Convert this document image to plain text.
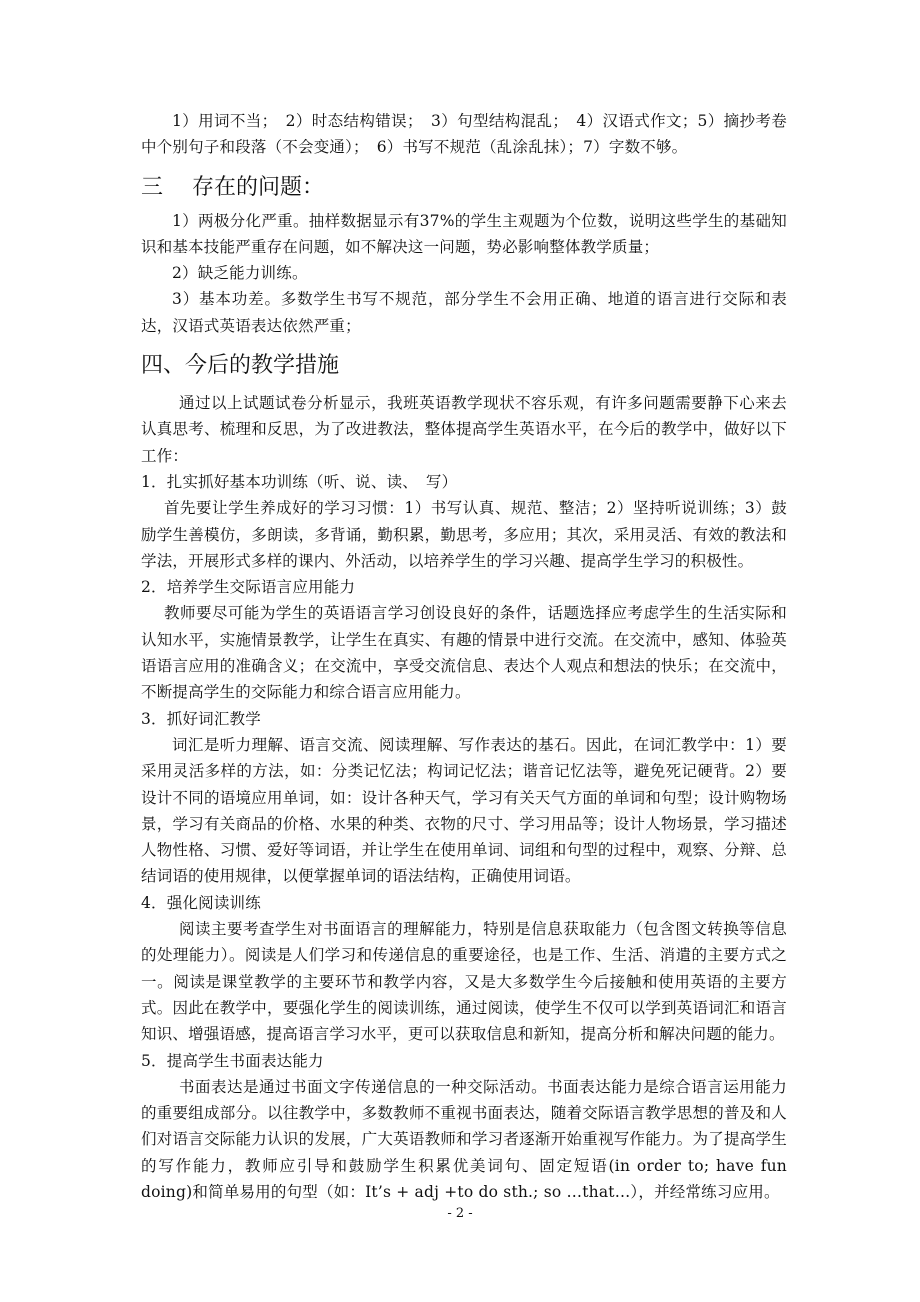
1）用词不当；　2）时态结构错误；　3）句型结构混乱；　4）汉语式作文；5）摘抄考卷中个别句子和段落（不会变通）；　6）书写不规范（乱涂乱抹）；7）字数不够。

三　 存在的问题：

1）两极分化严重。抽样数据显示有37%的学生主观题为个位数，说明这些学生的基础知识和基本技能严重存在问题，如不解决这一问题，势必影响整体教学质量；

2）缺乏能力训练。

3）基本功差。多数学生书写不规范，部分学生不会用正确、地道的语言进行交际和表达，汉语式英语表达依然严重；

四、今后的教学措施

通过以上试题试卷分析显示，我班英语教学现状不容乐观，有许多问题需要静下心来去认真思考、梳理和反思，为了改进教法，整体提高学生英语水平，在今后的教学中，做好以下工作：

1．扎实抓好基本功训练（听、说、读、　写）

首先要让学生养成好的学习习惯：1）书写认真、规范、整洁；2）坚持听说训练；3）鼓励学生善模仿，多朗读，多背诵，勤积累，勤思考，多应用；其次，采用灵活、有效的教法和学法，开展形式多样的课内、外活动，以培养学生的学习兴趣、提高学生学习的积极性。

2．培养学生交际语言应用能力

教师要尽可能为学生的英语语言学习创设良好的条件，话题选择应考虑学生的生活实际和认知水平，实施情景教学，让学生在真实、有趣的情景中进行交流。在交流中，感知、体验英语语言应用的准确含义；在交流中，享受交流信息、表达个人观点和想法的快乐；在交流中，不断提高学生的交际能力和综合语言应用能力。

3．抓好词汇教学

词汇是听力理解、语言交流、阅读理解、写作表达的基石。因此，在词汇教学中：1）要采用灵活多样的方法，如：分类记忆法；构词记忆法；谐音记忆法等，避免死记硬背。2）要设计不同的语境应用单词，如：设计各种天气，学习有关天气方面的单词和句型；设计购物场景，学习有关商品的价格、水果的种类、衣物的尺寸、学习用品等；设计人物场景，学习描述人物性格、习惯、爱好等词语，并让学生在使用单词、词组和句型的过程中，观察、分辩、总结词语的使用规律，以便掌握单词的语法结构，正确使用词语。

4．强化阅读训练

阅读主要考查学生对书面语言的理解能力，特别是信息获取能力（包含图文转换等信息的处理能力）。阅读是人们学习和传递信息的重要途径，也是工作、生活、消遣的主要方式之一。阅读是课堂教学的主要环节和教学内容，又是大多数学生今后接触和使用英语的主要方式。因此在教学中，要强化学生的阅读训练，通过阅读，使学生不仅可以学到英语词汇和语言知识、增强语感，提高语言学习水平，更可以获取信息和新知，提高分析和解决问题的能力。

5．提高学生书面表达能力

书面表达是通过书面文字传递信息的一种交际活动。书面表达能力是综合语言运用能力的重要组成部分。以往教学中，多数教师不重视书面表达，随着交际语言教学思想的普及和人们对语言交际能力认识的发展，广大英语教师和学习者逐渐开始重视写作能力。为了提高学生的写作能力，教师应引导和鼓励学生积累优美词句、固定短语(in order to; have fun doing)和简单易用的句型（如：It’s + adj +to do sth.; so …that…），并经常练习应用。

- 2 -
